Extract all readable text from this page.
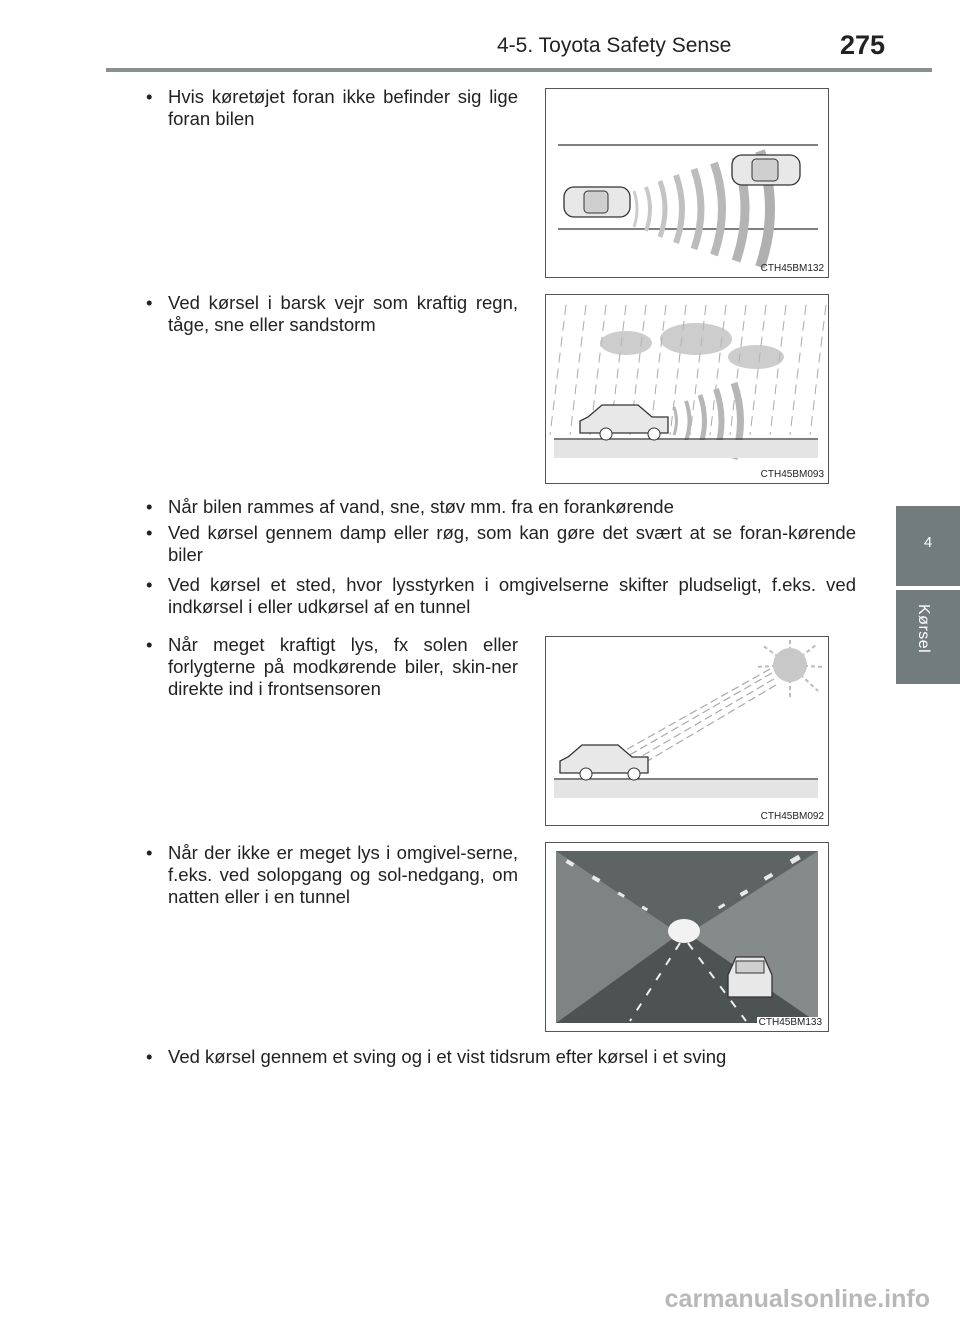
4-5. Toyota Safety Sense	275
4
Kørsel
• Hvis køretøjet foran ikke befinder sig lige foran bilen
CTH45BM132
• Ved kørsel i barsk vejr som kraftig regn, tåge, sne eller sandstorm
CTH45BM093
• Når bilen rammes af vand, sne, støv mm. fra en forankørende
• Ved kørsel gennem damp eller røg, som kan gøre det svært at se foran-kørende biler
• Ved kørsel et sted, hvor lysstyrken i omgivelserne skifter pludseligt, f.eks. ved indkørsel i eller udkørsel af en tunnel
• Når meget kraftigt lys, fx solen eller forlygterne på modkørende biler, skin-ner direkte ind i frontsensoren
CTH45BM092
• Når der ikke er meget lys i omgivel-serne, f.eks. ved solopgang og sol-nedgang, om natten eller i en tunnel
CTH45BM133
• Ved kørsel gennem et sving og i et vist tidsrum efter kørsel i et sving
carmanualsonline.info
